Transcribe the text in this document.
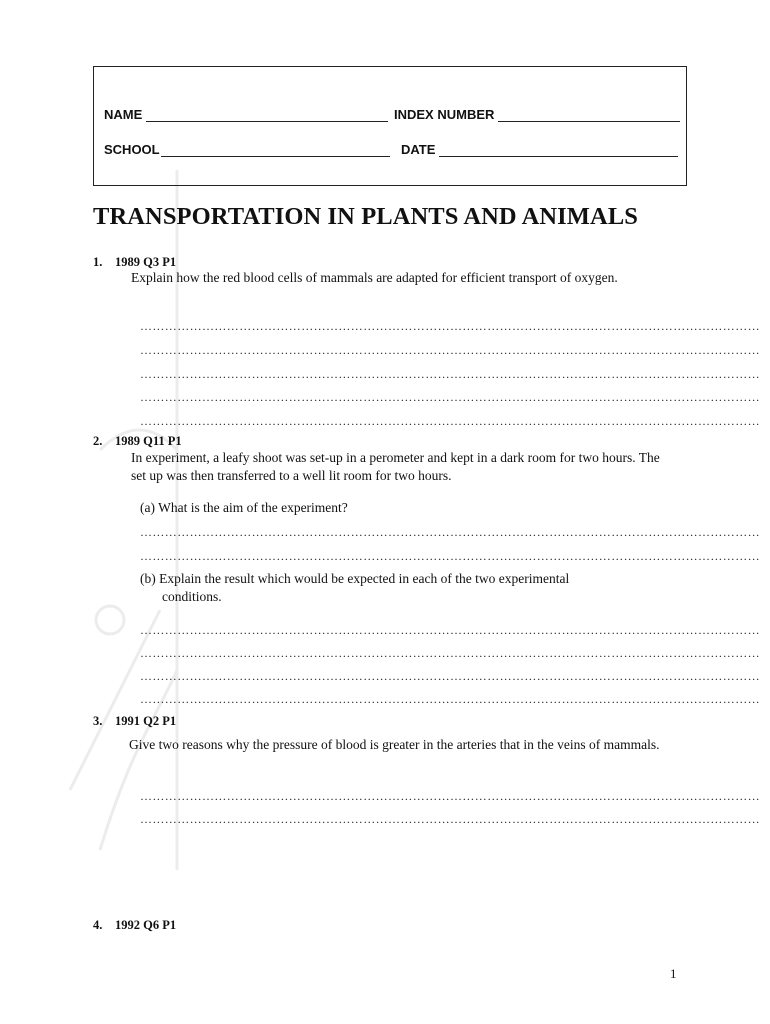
NAME	INDEX NUMBER
SCHOOL	DATE
TRANSPORTATION IN PLANTS AND ANIMALS
1. 1989 Q3 P1
Explain how the red blood cells of mammals are adapted for efficient transport of oxygen.
……………………………………………………………………………………………………………………………………
……………………………………………………………………………………………………………………………………
……………………………………………………………………………………………………………………………………
……………………………………………………………………………………………………………………………………
……………………………………………………………………………………………………………………………………
2. 1989 Q11 P1
In experiment, a leafy shoot was set-up in a perometer and kept in a dark room for two hours. The set up was then transferred to a well lit room for two hours.
(a) What is the aim of the experiment?
……………………………………………………………………………………………………………………………………
……………………………………………………………………………………………………………………………………
(b) Explain the result which would be expected in each of the two experimental
conditions.
……………………………………………………………………………………………………………………………………
……………………………………………………………………………………………………………………………………
……………………………………………………………………………………………………………………………………
……………………………………………………………………………………………………………………………………
3. 1991 Q2 P1
Give two reasons why the pressure of blood is greater in the arteries that in the veins of mammals.
……………………………………………………………………………………………………………………………………
……………………………………………………………………………………………………………………………………
4. 1992 Q6 P1
1
